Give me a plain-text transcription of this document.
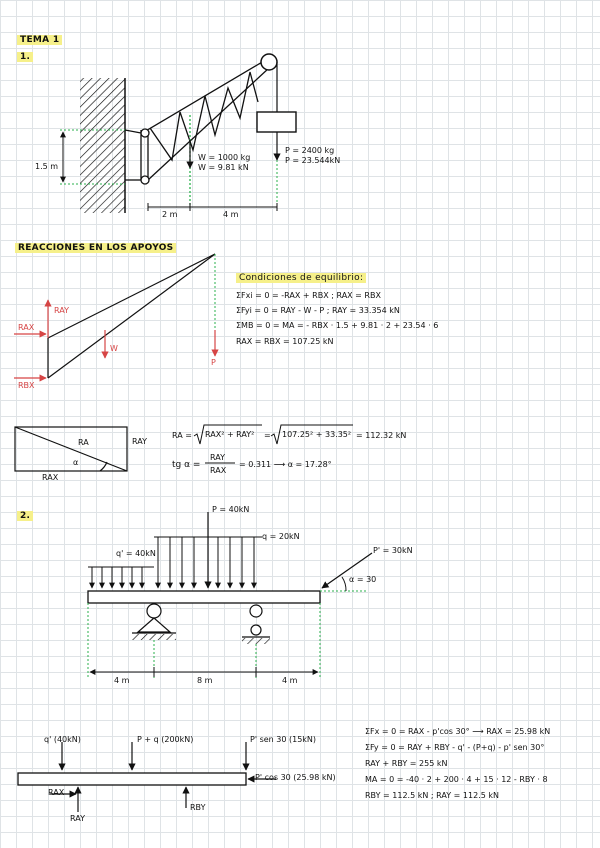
TEMA 1
1.
1.5 m
W = 1000 kg
W = 9.81 kN
P = 2400 kg
P = 23.544kN
2 m	4 m
REACCIONES EN LOS APOYOS
RAY
RAX
RBX
W
P
Condiciones de equilibrio:
ΣFxi = 0 = -RAX + RBX ; RAX = RBX
ΣFyi = 0 = RAY - W - P ; RAY = 33.354 kN
ΣMB = 0 = MA = - RBX · 1.5 + 9.81 · 2 + 23.54 · 6
RAX = RBX = 107.25 kN
RA	RAY
RAX
α
RA = RAX² + RAY² = 107.25² + 33.35² = 112.32 kN
tg α =
RAY
RAX
= 0.311 ⟶ α = 17.28°
2.
P = 40kN
q = 20kN
q' = 40kN	P' = 30kN
α = 30
4 m	8 m	4 m
q' (40kN)	P + q (200kN)	P' sen 30 (15kN)
P' cos 30 (25.98 kN)
RAX
RAY
RBY
ΣFx = 0 = RAX - p'cos 30° ⟶ RAX = 25.98 kN
ΣFy = 0 = RAY + RBY - q' - (P+q) - p' sen 30°
RAY + RBY = 255 kN
MA = 0 = -40 · 2 + 200 · 4 + 15 · 12 - RBY · 8
RBY = 112.5 kN ; RAY = 112.5 kN
